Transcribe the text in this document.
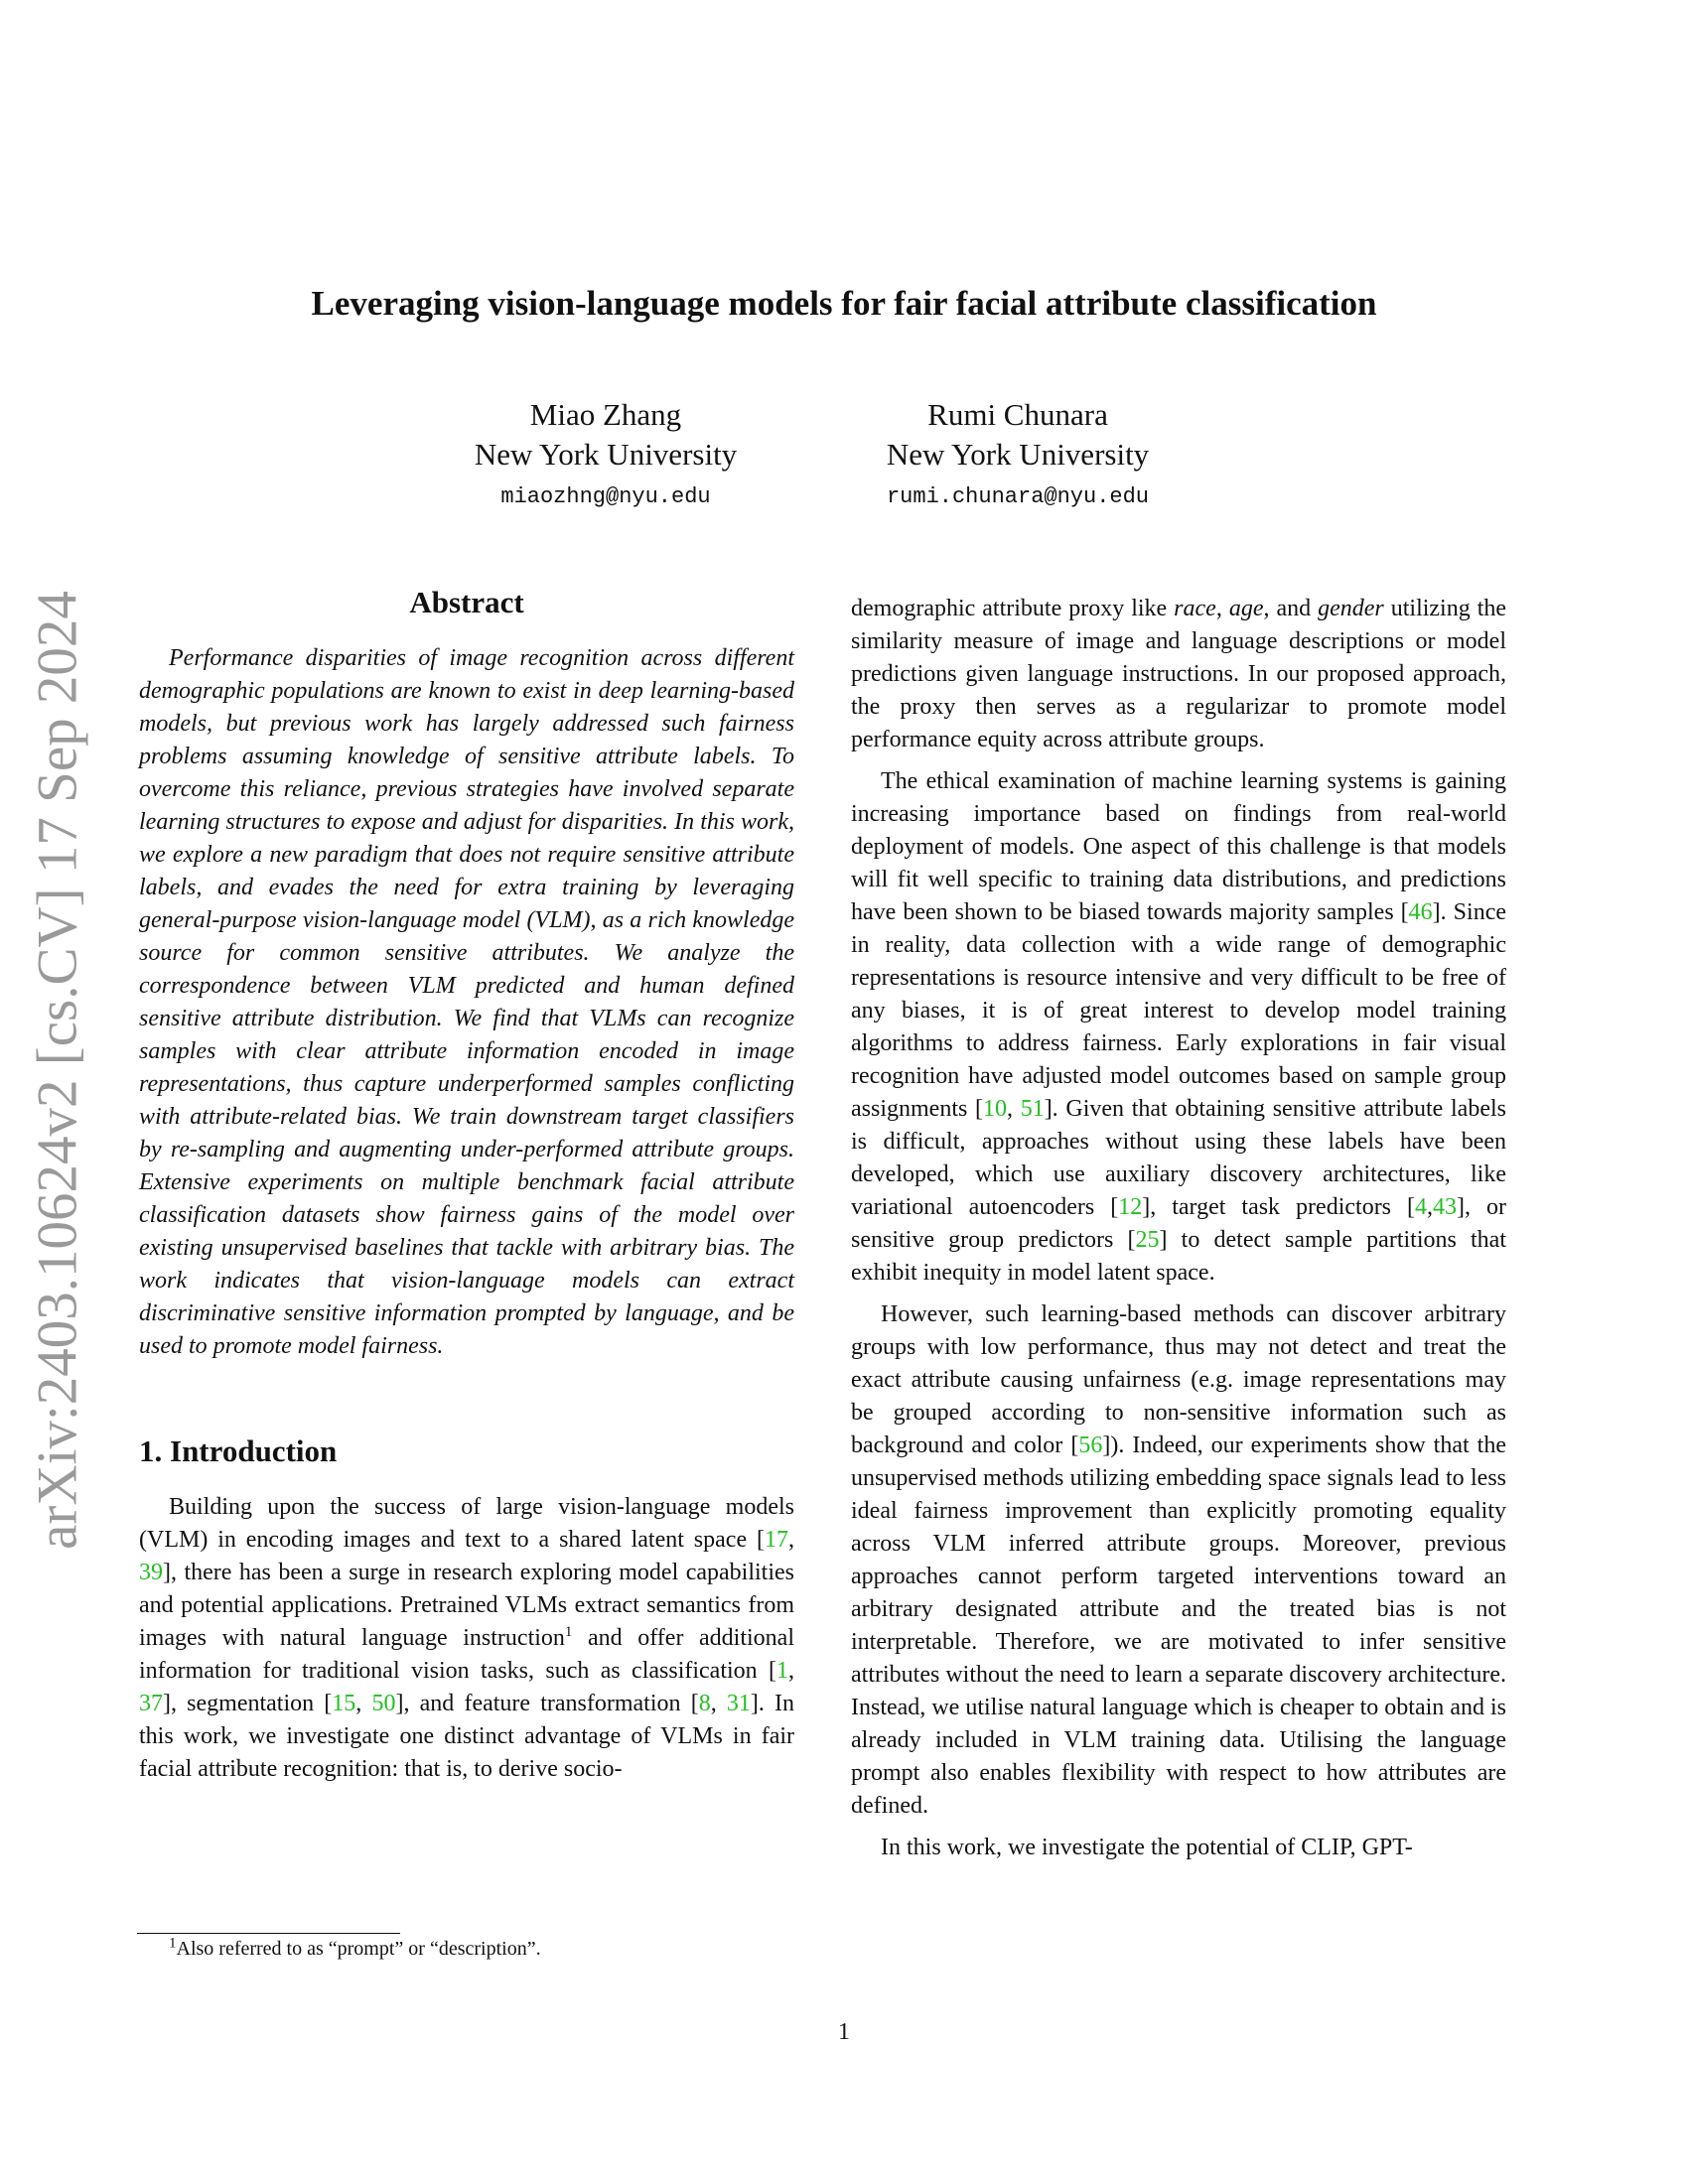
Leveraging vision-language models for fair facial attribute classification
Miao Zhang
New York University
miaozhng@nyu.edu
Rumi Chunara
New York University
rumi.chunara@nyu.edu
arXiv:2403.10624v2 [cs.CV] 17 Sep 2024	Abstract

Performance disparities of image recognition across different demographic populations are known to exist in deep learning-based models, but previous work has largely addressed such fairness problems assuming knowledge of sensitive attribute labels. To overcome this reliance, previous strategies have involved separate learning structures to expose and adjust for disparities. In this work, we explore a new paradigm that does not require sensitive attribute labels, and evades the need for extra training by leveraging general-purpose vision-language model (VLM), as a rich knowledge source for common sensitive attributes. We analyze the correspondence between VLM predicted and human defined sensitive attribute distribution. We find that VLMs can recognize samples with clear attribute information encoded in image representations, thus capture underperformed samples conflicting with attribute-related bias. We train downstream target classifiers by re-sampling and augmenting under-performed attribute groups. Extensive experiments on multiple benchmark facial attribute classification datasets show fairness gains of the model over existing unsupervised baselines that tackle with arbitrary bias. The work indicates that vision-language models can extract discriminative sensitive information prompted by language, and be used to promote model fairness.

1. Introduction

Building upon the success of large vision-language models (VLM) in encoding images and text to a shared latent space [17, 39], there has been a surge in research exploring model capabilities and potential applications. Pretrained VLMs extract semantics from images with natural language instruction$^1$ and offer additional information for traditional vision tasks, such as classification [1, 37], segmentation [15, 50], and feature transformation [8, 31]. In this work, we investigate one distinct advantage of VLMs in fair facial attribute recognition: that is, to derive socio-

demographic attribute proxy like race, age, and gender utilizing the similarity measure of image and language descriptions or model predictions given language instructions. In our proposed approach, the proxy then serves as a regularizar to promote model performance equity across attribute groups.

The ethical examination of machine learning systems is gaining increasing importance based on findings from real-world deployment of models. One aspect of this challenge is that models will fit well specific to training data distributions, and predictions have been shown to be biased towards majority samples [46]. Since in reality, data collection with a wide range of demographic representations is resource intensive and very difficult to be free of any biases, it is of great interest to develop model training algorithms to address fairness. Early explorations in fair visual recognition have adjusted model outcomes based on sample group assignments [10, 51]. Given that obtaining sensitive attribute labels is difficult, approaches without using these labels have been developed, which use auxiliary discovery architectures, like variational autoencoders [12], target task predictors [4,43], or sensitive group predictors [25] to detect sample partitions that exhibit inequity in model latent space.

However, such learning-based methods can discover arbitrary groups with low performance, thus may not detect and treat the exact attribute causing unfairness (e.g. image representations may be grouped according to non-sensitive information such as background and color [56]). Indeed, our experiments show that the unsupervised methods utilizing embedding space signals lead to less ideal fairness improvement than explicitly promoting equality across VLM inferred attribute groups. Moreover, previous approaches cannot perform targeted interventions toward an arbitrary designated attribute and the treated bias is not interpretable. Therefore, we are motivated to infer sensitive attributes without the need to learn a separate discovery architecture. Instead, we utilise natural language which is cheaper to obtain and is already included in VLM training data. Utilising the language prompt also enables flexibility with respect to how attributes are defined.

In this work, we investigate the potential of CLIP, GPT-

$^1$Also referred to as “prompt” or “description”.
1
